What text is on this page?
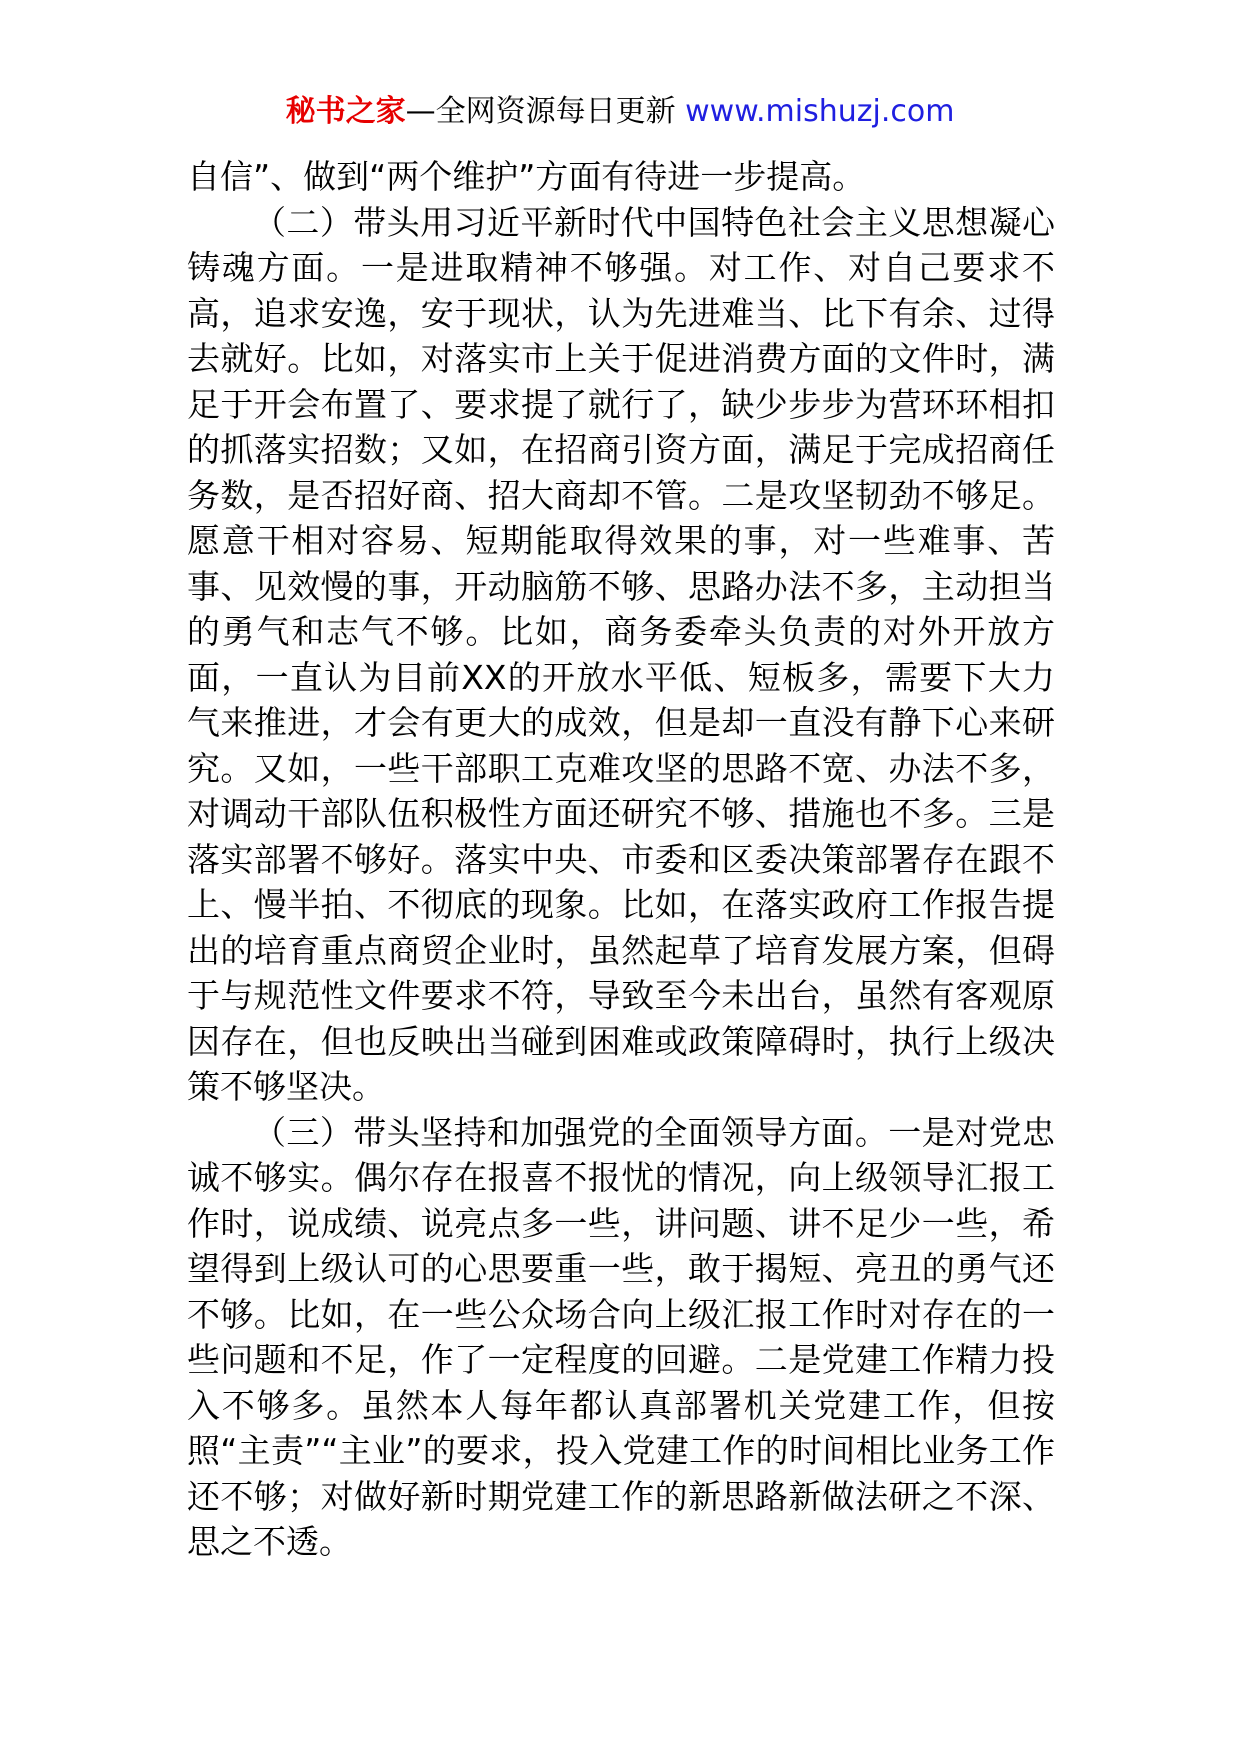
秘书之家—全网资源每日更新 www.mishuzj.com

自信”、做到“两个维护”方面有待进一步提高。

（二）带头用习近平新时代中国特色社会主义思想凝心铸魂方面。一是进取精神不够强。对工作、对自己要求不高，追求安逸，安于现状，认为先进难当、比下有余、过得去就好。比如，对落实市上关于促进消费方面的文件时，满足于开会布置了、要求提了就行了，缺少步步为营环环相扣的抓落实招数；又如，在招商引资方面，满足于完成招商任务数，是否招好商、招大商却不管。二是攻坚韧劲不够足。愿意干相对容易、短期能取得效果的事，对一些难事、苦事、见效慢的事，开动脑筋不够、思路办法不多，主动担当的勇气和志气不够。比如，商务委牵头负责的对外开放方面，一直认为目前XX的开放水平低、短板多，需要下大力气来推进，才会有更大的成效，但是却一直没有静下心来研究。又如，一些干部职工克难攻坚的思路不宽、办法不多，对调动干部队伍积极性方面还研究不够、措施也不多。三是落实部署不够好。落实中央、市委和区委决策部署存在跟不上、慢半拍、不彻底的现象。比如，在落实政府工作报告提出的培育重点商贸企业时，虽然起草了培育发展方案，但碍于与规范性文件要求不符，导致至今未出台，虽然有客观原因存在，但也反映出当碰到困难或政策障碍时，执行上级决策不够坚决。

（三）带头坚持和加强党的全面领导方面。一是对党忠诚不够实。偶尔存在报喜不报忧的情况，向上级领导汇报工作时，说成绩、说亮点多一些，讲问题、讲不足少一些，希望得到上级认可的心思要重一些，敢于揭短、亮丑的勇气还不够。比如，在一些公众场合向上级汇报工作时对存在的一些问题和不足，作了一定程度的回避。二是党建工作精力投入不够多。虽然本人每年都认真部署机关党建工作，但按照“主责”“主业”的要求，投入党建工作的时间相比业务工作还不够；对做好新时期党建工作的新思路新做法研之不深、思之不透。
